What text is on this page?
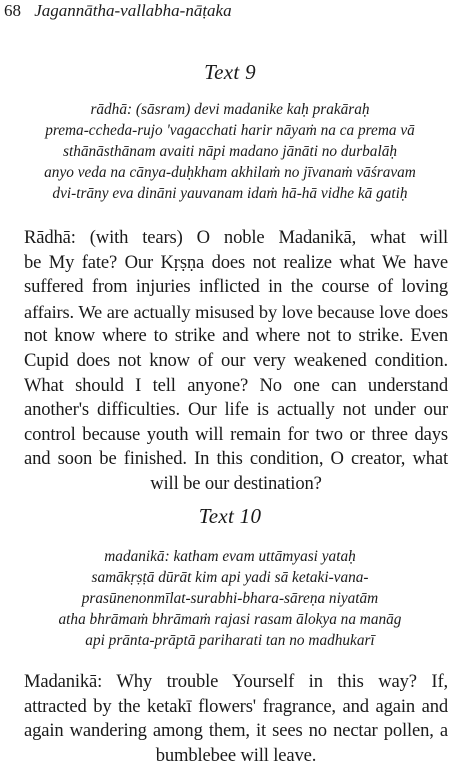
68 Jagannātha-vallabha-nāṭaka
Text 9
rādhā: (sāsram) devi madanike kaḥ prakāraḥ
prema-ccheda-rujo 'vagacchati harir nāyaṁ na ca prema vā
sthānāsthānam avaiti nāpi madano jānāti no durbalāḥ
anyo veda na cānya-duḥkham akhilaṁ no jīvanaṁ vāśravam
dvi-trāny eva dināni yauvanam idaṁ hā-hā vidhe kā gatiḥ
Rādhā: (with tears) O noble Madanikā, what will
be My fate? Our Kṛṣṇa does not realize what We have
suffered from injuries inflicted in the course of loving
affairs. We are actually misused by love because love does
not know where to strike and where not to strike. Even
Cupid does not know of our very weakened condition.
What should I tell anyone? No one can understand
another's difficulties. Our life is actually not under our
control because youth will remain for two or three days
and soon be finished. In this condition, O creator, what
will be our destination?
Text 10
madanikā: katham evam uttāmyasi yataḥ
samākṛṣṭā dūrāt kim api yadi sā ketaki-vana-
prasūnenonmīlat-surabhi-bhara-sāreṇa niyatām
atha bhrāmaṁ bhrāmaṁ rajasi rasam ālokya na manāg
api prānta-prāptā pariharati tan no madhukarī
Madanikā: Why trouble Yourself in this way? If,
attracted by the ketakī flowers' fragrance, and again and
again wandering among them, it sees no nectar pollen, a
bumblebee will leave.
